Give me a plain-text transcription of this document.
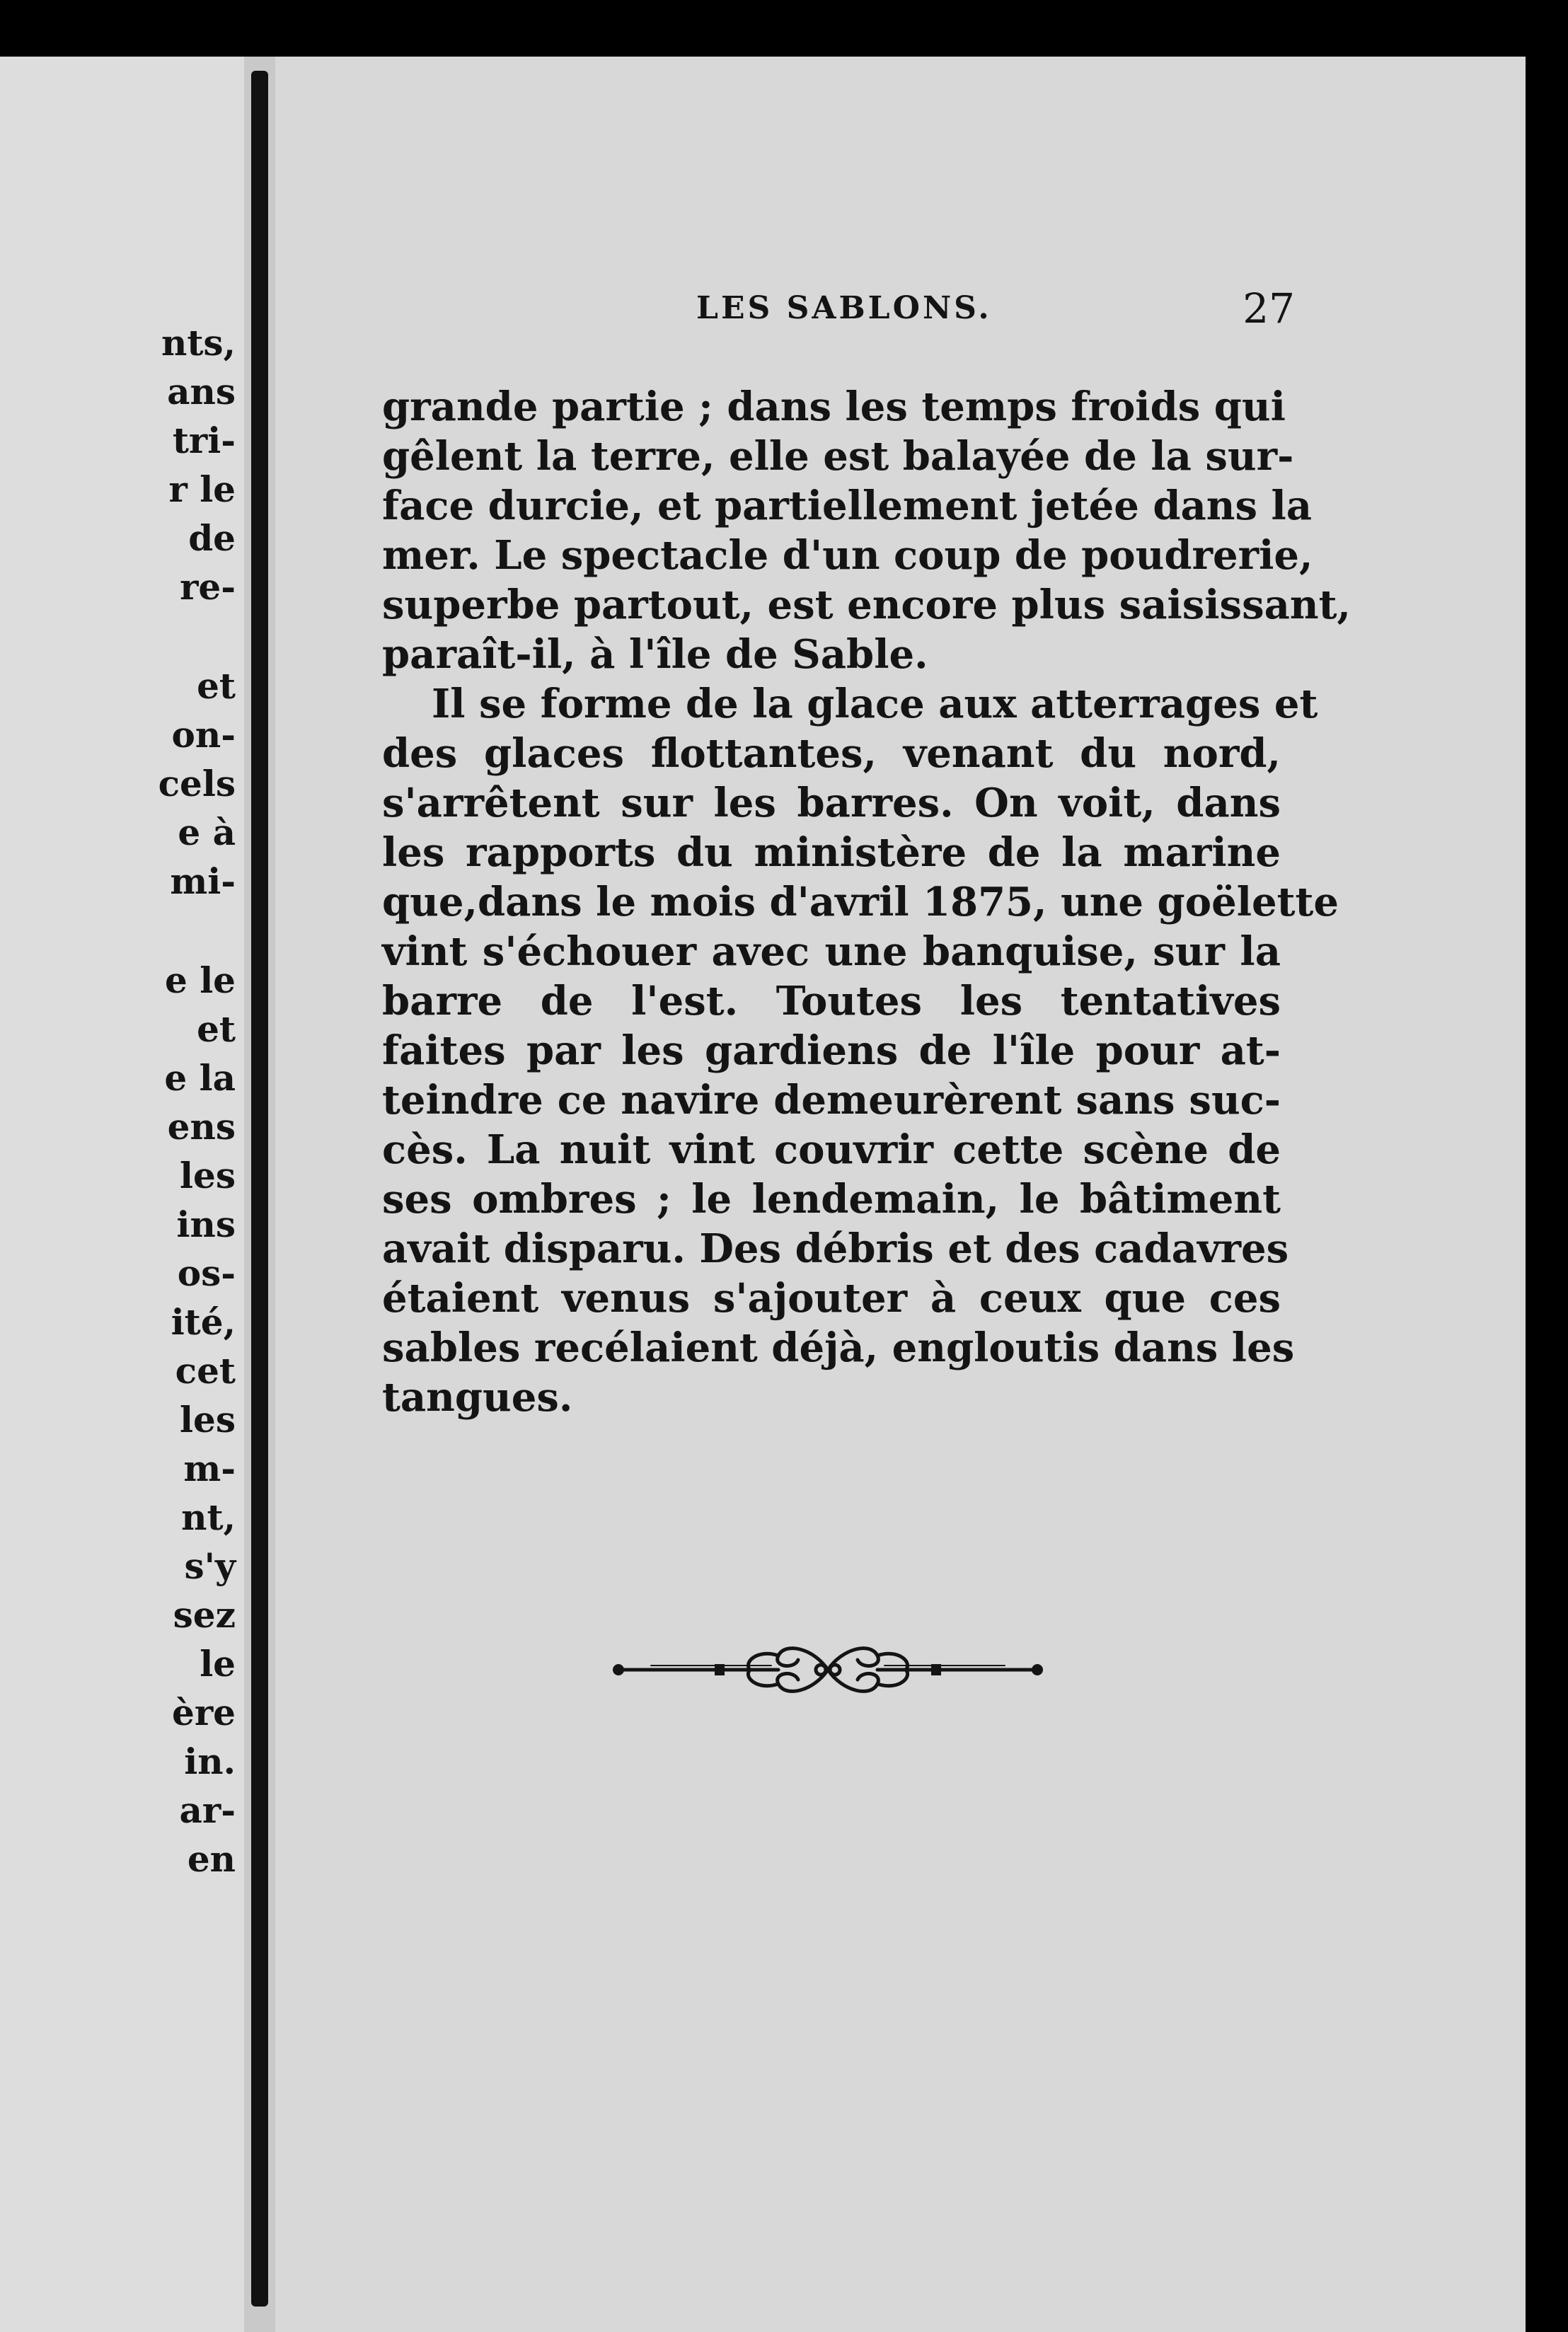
nts,
ans
tri-
r le
de
re-
et
on-
cels
e à
mi-
e le
et
e la
ens
les
ins
os-
ité,
cet
les
m-
nt,
s'y
sez
le
ère
in.
ar-
en
LES SABLONS.	27
grande partie ; dans les temps froids qui
gêlent la terre, elle est balayée de la sur-
face durcie, et partiellement jetée dans la
mer. Le spectacle d'un coup de poudrerie,
superbe partout, est encore plus saisissant,
paraît-il, à l'île de Sable.
Il se forme de la glace aux atterrages et
des glaces flottantes, venant du nord,
s'arrêtent sur les barres. On voit, dans
les rapports du ministère de la marine
que,dans le mois d'avril 1875, une goëlette
vint s'échouer avec une banquise, sur la
barre de l'est. Toutes les tentatives
faites par les gardiens de l'île pour at-
teindre ce navire demeurèrent sans suc-
cès. La nuit vint couvrir cette scène de
ses ombres ; le lendemain, le bâtiment
avait disparu. Des débris et des cadavres
étaient venus s'ajouter à ceux que ces
sables recélaient déjà, engloutis dans les
tangues.
